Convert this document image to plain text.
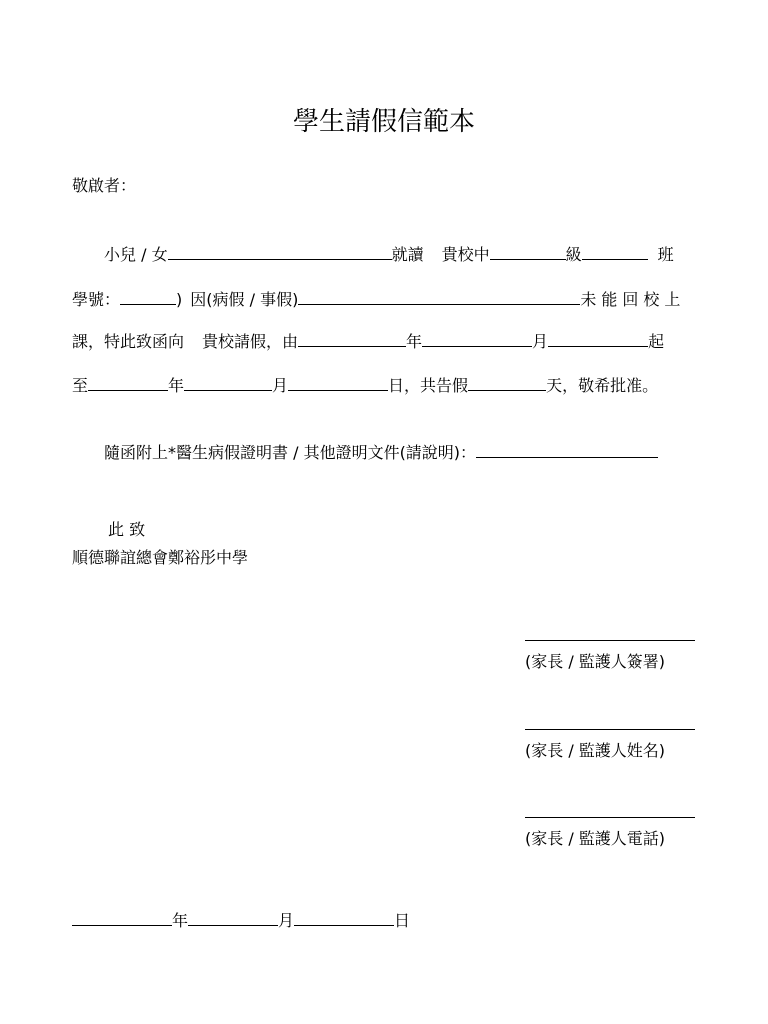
學生請假信範本
敬啟者：
小兒 / 女	就讀 貴校中	級	班
學號：	) 因(病假 / 事假)	未能回校上
課，特此致函向 貴校請假，由	年	月	起
至	年	月	日，共告假	天，敬希批准。
隨函附上*醫生病假證明書 / 其他證明文件(請說明)：
此 致
順德聯誼總會鄭裕彤中學
(家長 / 監護人簽署)
(家長 / 監護人姓名)
(家長 / 監護人電話)
年	月	日
